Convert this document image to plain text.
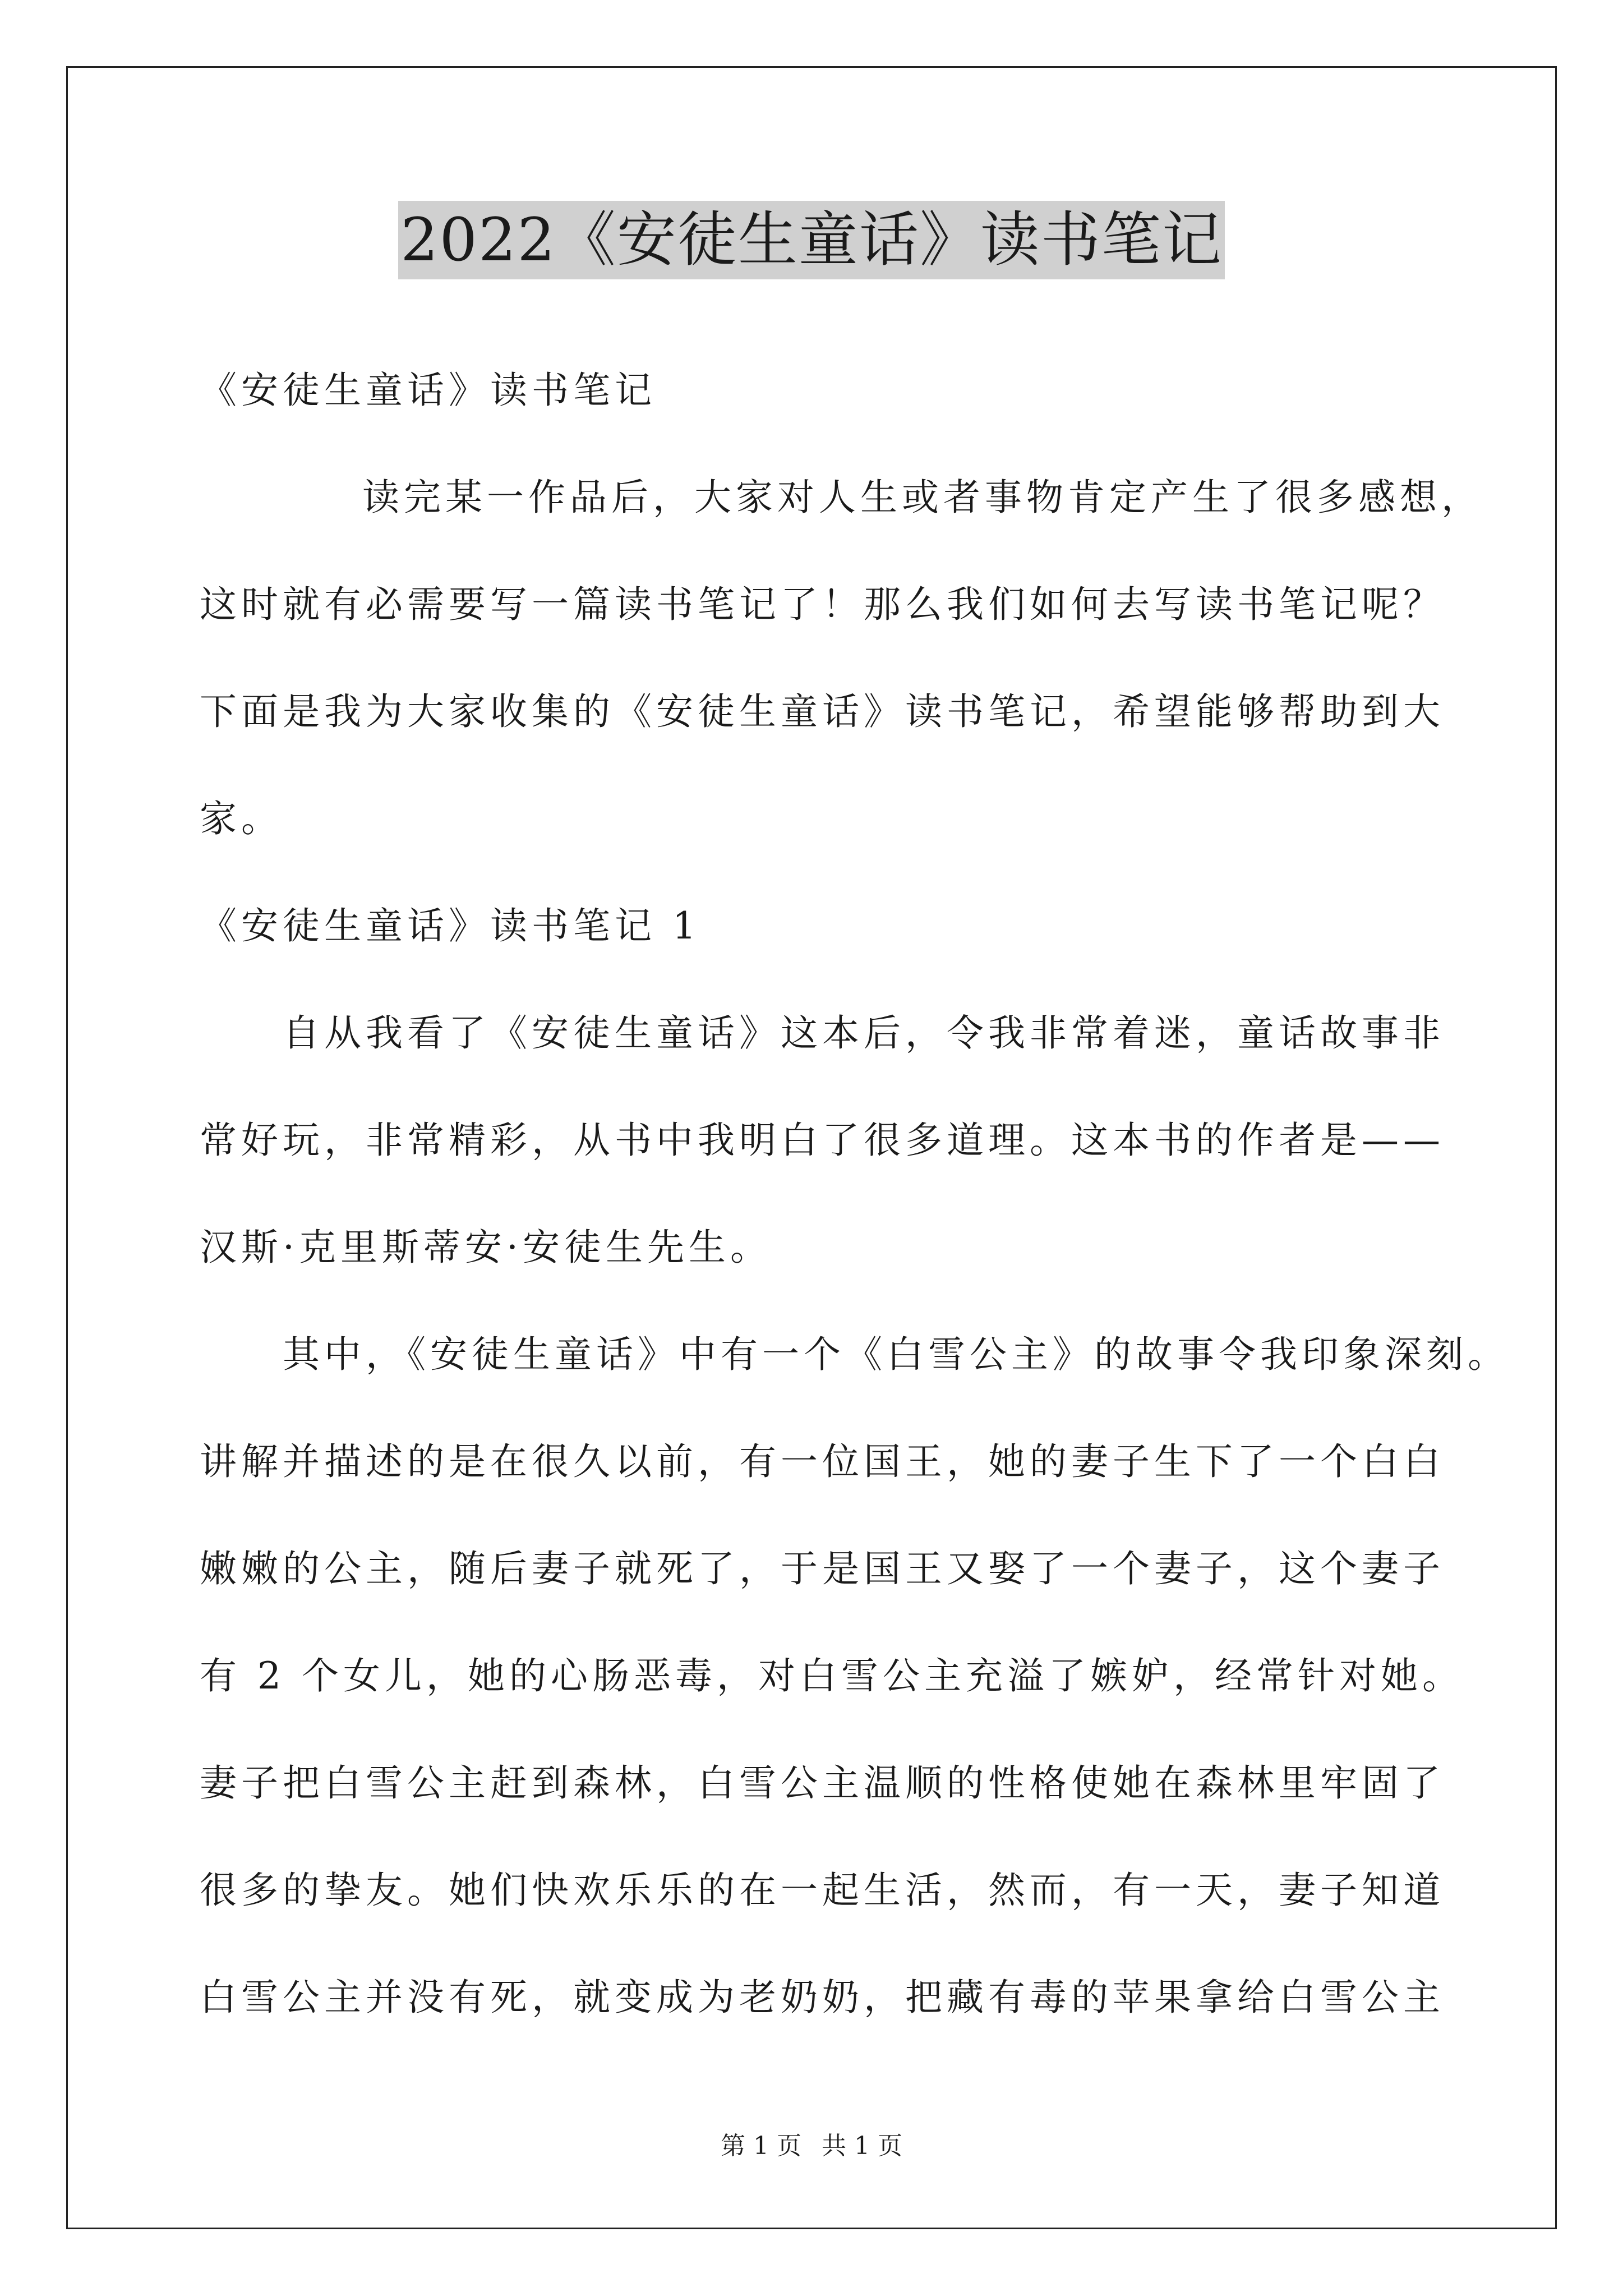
2022《安徒生童话》读书笔记
《安徒生童话》读书笔记
读完某一作品后，大家对人生或者事物肯定产生了很多感想，
这时就有必需要写一篇读书笔记了！那么我们如何去写读书笔记呢？
下面是我为大家收集的《安徒生童话》读书笔记，希望能够帮助到大
家。
《安徒生童话》读书笔记 1
自从我看了《安徒生童话》这本后，令我非常着迷，童话故事非
常好玩，非常精彩，从书中我明白了很多道理。这本书的作者是——
汉斯·克里斯蒂安·安徒生先生。
其中，《安徒生童话》中有一个《白雪公主》的故事令我印象深刻。
讲解并描述的是在很久以前，有一位国王，她的妻子生下了一个白白
嫩嫩的公主，随后妻子就死了，于是国王又娶了一个妻子，这个妻子
有 2 个女儿，她的心肠恶毒，对白雪公主充溢了嫉妒，经常针对她。
妻子把白雪公主赶到森林，白雪公主温顺的性格使她在森林里牢固了
很多的挚友。她们快欢乐乐的在一起生活，然而，有一天，妻子知道
白雪公主并没有死，就变成为老奶奶，把藏有毒的苹果拿给白雪公主
第 1 页 共 1 页
